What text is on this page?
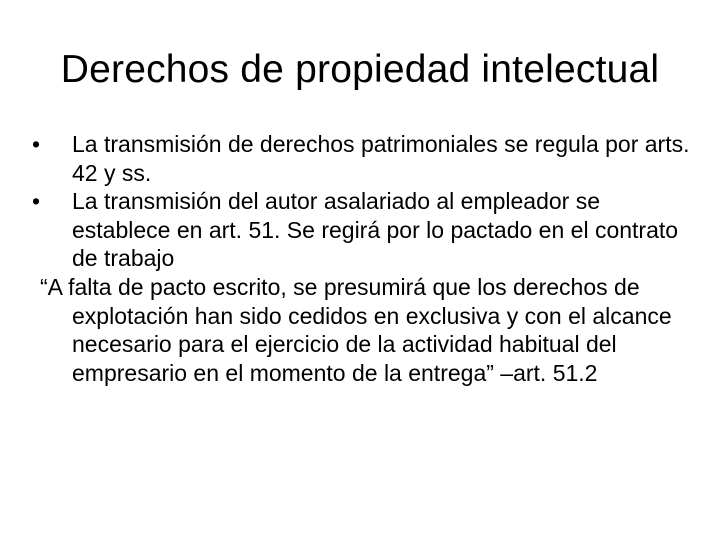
Derechos de propiedad intelectual

•	La transmisión de derechos patrimoniales se regula por arts. 42 y ss.

•	La transmisión del autor asalariado al empleador se establece en art. 51. Se regirá por lo pactado en el contrato de trabajo

“A falta de pacto escrito, se presumirá que los derechos de explotación han sido cedidos en exclusiva y con el alcance necesario para el ejercicio de la actividad habitual del empresario en el momento de la entrega” –art. 51.2
